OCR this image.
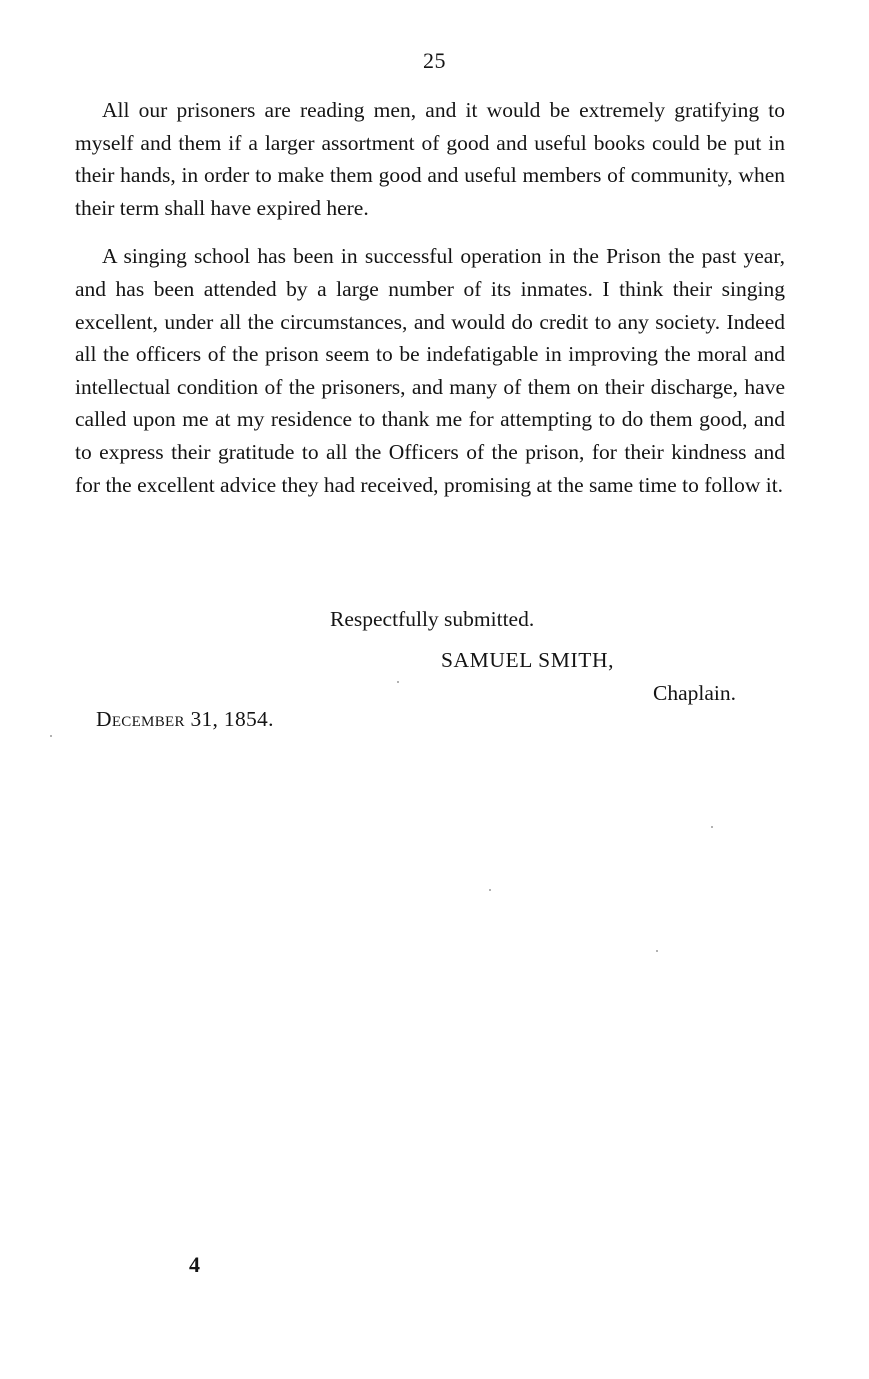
25

All our prisoners are reading men, and it would be extremely gratifying to myself and them if a larger assortment of good and useful books could be put in their hands, in order to make them good and useful members of community, when their term shall have expired here.

A singing school has been in successful operation in the Prison the past year, and has been attended by a large number of its inmates. I think their singing excellent, under all the circumstances, and would do credit to any society. Indeed all the officers of the prison seem to be indefatigable in improving the moral and intellectual condition of the prisoners, and many of them on their discharge, have called upon me at my residence to thank me for attempting to do them good, and to express their gratitude to all the Officers of the prison, for their kindness and for the excellent advice they had received, promising at the same time to follow it.

Respectfully submitted.
SAMUEL SMITH,
Chaplain.
December 31, 1854.
4
